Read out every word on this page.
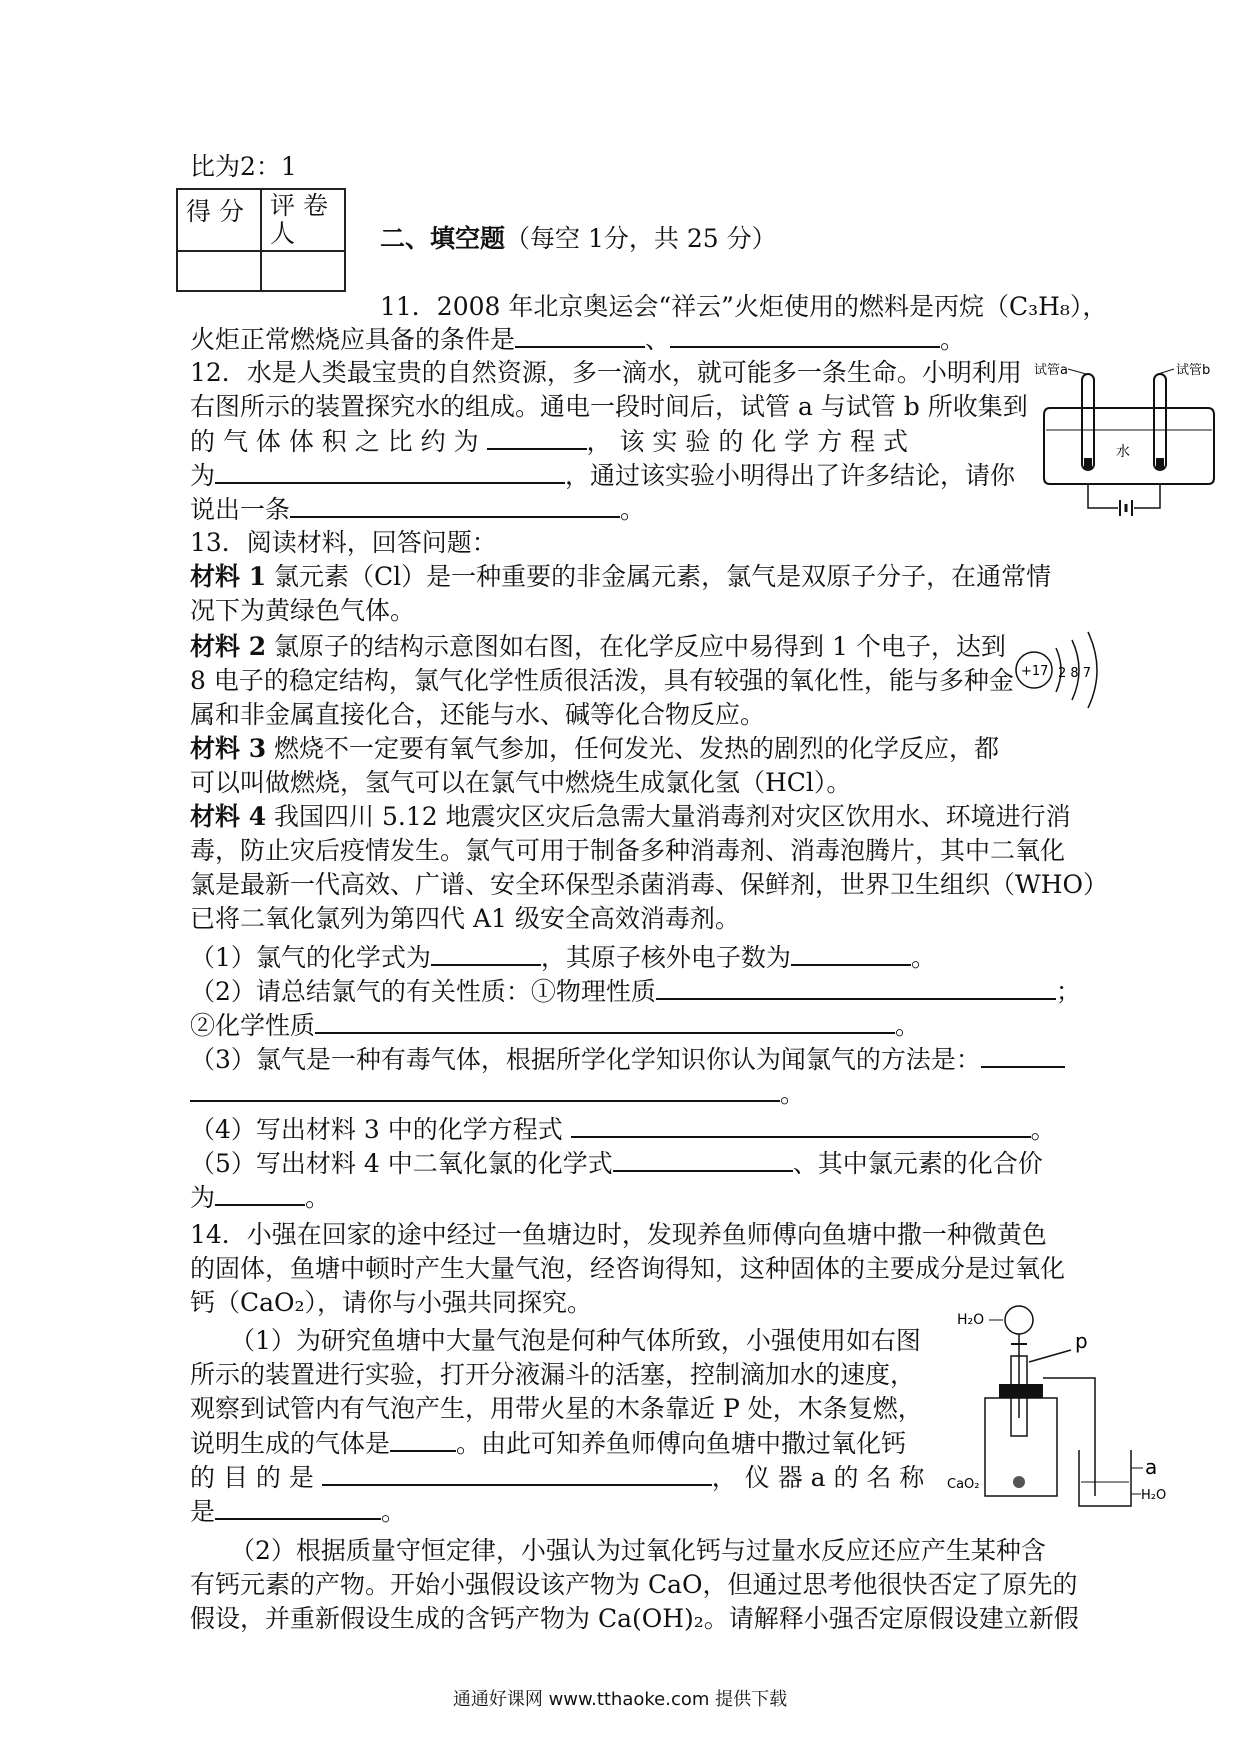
比为2：1
得 分	评 卷
人
		二、填空题（每空 1分，共 25 分）
11．2008 年北京奥运会“祥云”火炬使用的燃料是丙烷（C₃H₈），
火炬正常燃烧应具备的条件是	、	。
12．水是人类最宝贵的自然资源，多一滴水，就可能多一条生命。小明利用
右图所示的装置探究水的组成。通电一段时间后，试管 a 与试管 b 所收集到
的 气 体 体 积 之 比 约 为	， 该 实 验 的 化 学 方 程 式
为	，通过该实验小明得出了许多结论，请你
说出一条	。
试管a	试管b
水
13．阅读材料，回答问题：
材料 1 氯元素（Cl）是一种重要的非金属元素，氯气是双原子分子，在通常情
况下为黄绿色气体。
材料 2 氯原子的结构示意图如右图，在化学反应中易得到 1 个电子，达到
8 电子的稳定结构，氯气化学性质很活泼，具有较强的氧化性，能与多种金
属和非金属直接化合，还能与水、碱等化合物反应。
材料 3 燃烧不一定要有氧气参加，任何发光、发热的剧烈的化学反应，都
可以叫做燃烧，氢气可以在氯气中燃烧生成氯化氢（HCl）。
材料 4 我国四川 5.12 地震灾区灾后急需大量消毒剂对灾区饮用水、环境进行消
毒，防止灾后疫情发生。氯气可用于制备多种消毒剂、消毒泡腾片，其中二氧化
氯是最新一代高效、广谱、安全环保型杀菌消毒、保鲜剂，世界卫生组织（WHO）
已将二氧化氯列为第四代 A1 级安全高效消毒剂。
+17 2 8 7
（1）氯气的化学式为	，其原子核外电子数为	。
（2）请总结氯气的有关性质：①物理性质	；
②化学性质	。
（3）氯气是一种有毒气体，根据所学化学知识你认为闻氯气的方法是：
。
（4）写出材料 3 中的化学方程式	。
（5）写出材料 4 中二氧化氯的化学式	、其中氯元素的化合价
为	。
14．小强在回家的途中经过一鱼塘边时，发现养鱼师傅向鱼塘中撒一种微黄色
的固体，鱼塘中顿时产生大量气泡，经咨询得知，这种固体的主要成分是过氧化
钙（CaO₂），请你与小强共同探究。
（1）为研究鱼塘中大量气泡是何种气体所致，小强使用如右图
所示的装置进行实验，打开分液漏斗的活塞，控制滴加水的速度，
观察到试管内有气泡产生，用带火星的木条靠近 P 处，木条复燃，
说明生成的气体是	。由此可知养鱼师傅向鱼塘中撒过氧化钙
的 目 的 是	， 仪 器 a 的 名 称
是	。
（2）根据质量守恒定律，小强认为过氧化钙与过量水反应还应产生某种含
有钙元素的产物。开始小强假设该产物为 CaO，但通过思考他很快否定了原先的
假设，并重新假设生成的含钙产物为 Ca(OH)₂。请解释小强否定原假设建立新假
H₂O
p
CaO₂
a
H₂O
通通好课网 www.tthaoke.com 提供下载
